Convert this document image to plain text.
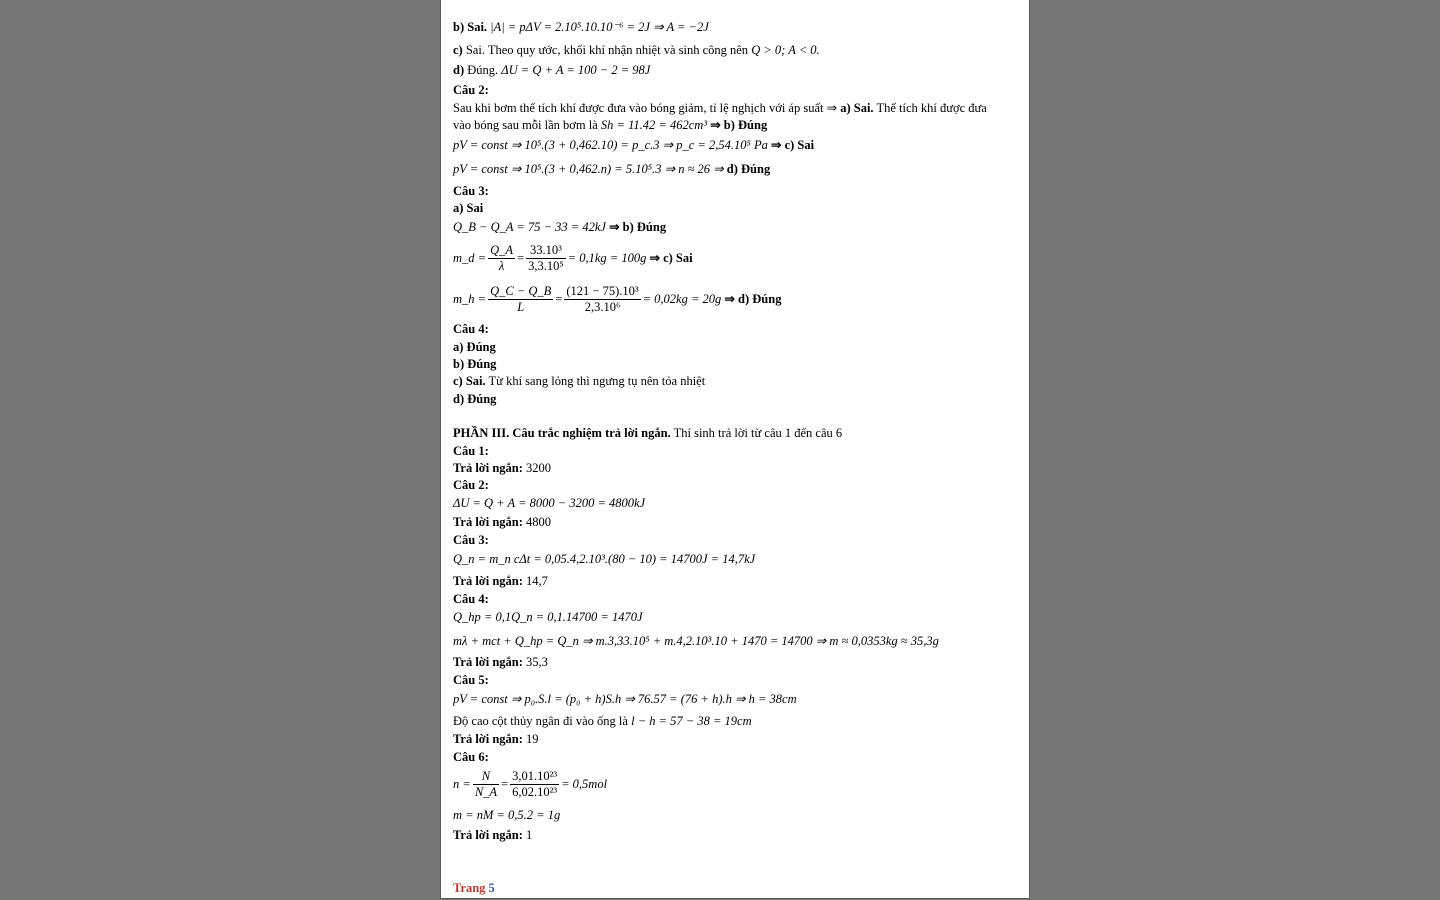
b) Sai. |A| = pΔV = 2.10⁵.10.10⁻⁶ = 2J ⇒ A = −2J
c) Sai. Theo quy ước, khối khí nhận nhiệt và sinh công nên Q > 0; A < 0.
d) Đúng. ΔU = Q + A = 100 − 2 = 98J
Câu 2:
Sau khi bơm thể tích khí được đưa vào bóng giảm, tỉ lệ nghịch với áp suất ⇒ a) Sai. Thể tích khí được đưa
vào bóng sau mỗi lần bơm là Sh = 11.42 = 462cm³ ⇒ b) Đúng
pV = const ⇒ 10⁵.(3 + 0,462.10) = p_c.3 ⇒ p_c = 2,54.10⁵ Pa ⇒ c) Sai
pV = const ⇒ 10⁵.(3 + 0,462.n) = 5.10⁵.3 ⇒ n ≈ 26 ⇒ d) Đúng
Câu 3:
a) Sai
Q_B − Q_A = 75 − 33 = 42kJ ⇒ b) Đúng
m_d = $\frac{Q\_A}{\lambda} = \frac{\text{33.10³}}{\text{3,3.10⁵}} = 0,1kg = 100g$
⇒ c) Sai
m_h = $\frac{Q\_C - Q\_B}{L} = \frac{\text{(121 − 75).10³}}{\text{2,3.10⁶}} = 0,02kg = 20g$
⇒ d) Đúng
Câu 4:
a) Đúng
b) Đúng
c) Sai. Từ khí sang lỏng thì ngưng tụ nên tỏa nhiệt
d) Đúng
PHẦN III. Câu trắc nghiệm trả lời ngắn. Thí sinh trả lời từ câu 1 đến câu 6
Câu 1:
Trả lời ngắn: 3200
Câu 2:
ΔU = Q + A = 8000 − 3200 = 4800kJ
Trả lời ngắn: 4800
Câu 3:
Q_n = m_n cΔt = 0,05.4,2.10³.(80 − 10) = 14700J = 14,7kJ
Trả lời ngắn: 14,7
Câu 4:
Q_hp = 0,1Q_n = 0,1.14700 = 1470J
mλ + mct + Q_hp = Q_n ⇒ m.3,33.10⁵ + m.4,2.10³.10 + 1470 = 14700 ⇒ m ≈ 0,0353kg ≈ 35,3g
Trả lời ngắn: 35,3
Câu 5:
pV = const ⇒ p₀.S.l = (p₀ + h)S.h ⇒ 76.57 = (76 + h).h ⇒ h = 38cm
Độ cao cột thủy ngân đi vào ống là l − h = 57 − 38 = 19cm
Trả lời ngắn: 19
Câu 6:
$n = \frac{N}{N\_A} = \frac{\text{3,01.10²³}}{\text{6,02.10²³}} = 0,5mol$
m = nM = 0,5.2 = 1g
Trả lời ngắn: 1
Trang 5
